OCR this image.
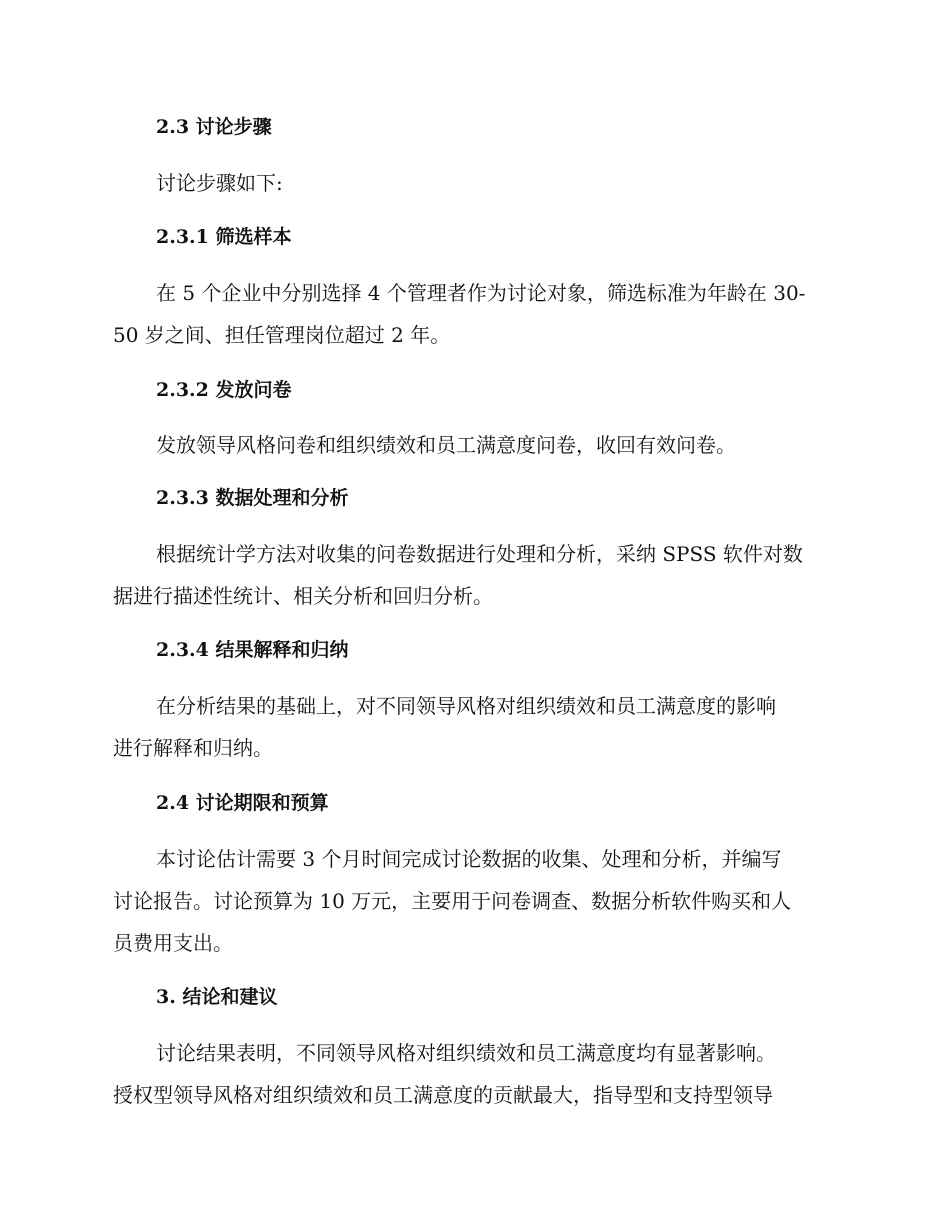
2.3 讨论步骤
讨论步骤如下:
2.3.1 筛选样本
在 5 个企业中分别选择 4 个管理者作为讨论对象，筛选标准为年龄在 30-
50 岁之间、担任管理岗位超过 2 年。
2.3.2 发放问卷
发放领导风格问卷和组织绩效和员工满意度问卷，收回有效问卷。
2.3.3 数据处理和分析
根据统计学方法对收集的问卷数据进行处理和分析，采纳 SPSS 软件对数
据进行描述性统计、相关分析和回归分析。
2.3.4 结果解释和归纳
在分析结果的基础上，对不同领导风格对组织绩效和员工满意度的影响
进行解释和归纳。
2.4 讨论期限和预算
本讨论估计需要 3 个月时间完成讨论数据的收集、处理和分析，并编写
讨论报告。讨论预算为 10 万元，主要用于问卷调查、数据分析软件购买和人
员费用支出。
3. 结论和建议
讨论结果表明，不同领导风格对组织绩效和员工满意度均有显著影响。
授权型领导风格对组织绩效和员工满意度的贡献最大，指导型和支持型领导
